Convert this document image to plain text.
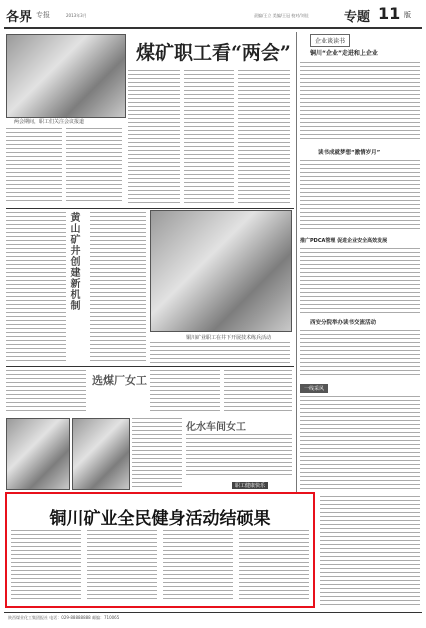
各界 专报	2013年3月	责编/王立 美编/王冠 校对/刘佳	专题 11 版
两会期间，职工们关注会议报道
煤矿职工看“两会”
企业谈读书
铜川“企业”走进和上企业
读书成就梦想“激情岁月”
推广PDCA管理 促进企业安全高效发展
西安分院举办读书交流活动
一线采风
黄山矿井创建新机制
铜川矿业职工在井下开展技术练兵活动
选煤厂女工
化水车间女工
职工健康快乐
铜川矿业全民健身活动结硕果
陕西煤业化工集团报社 电话：029-88888888 邮编：710065
